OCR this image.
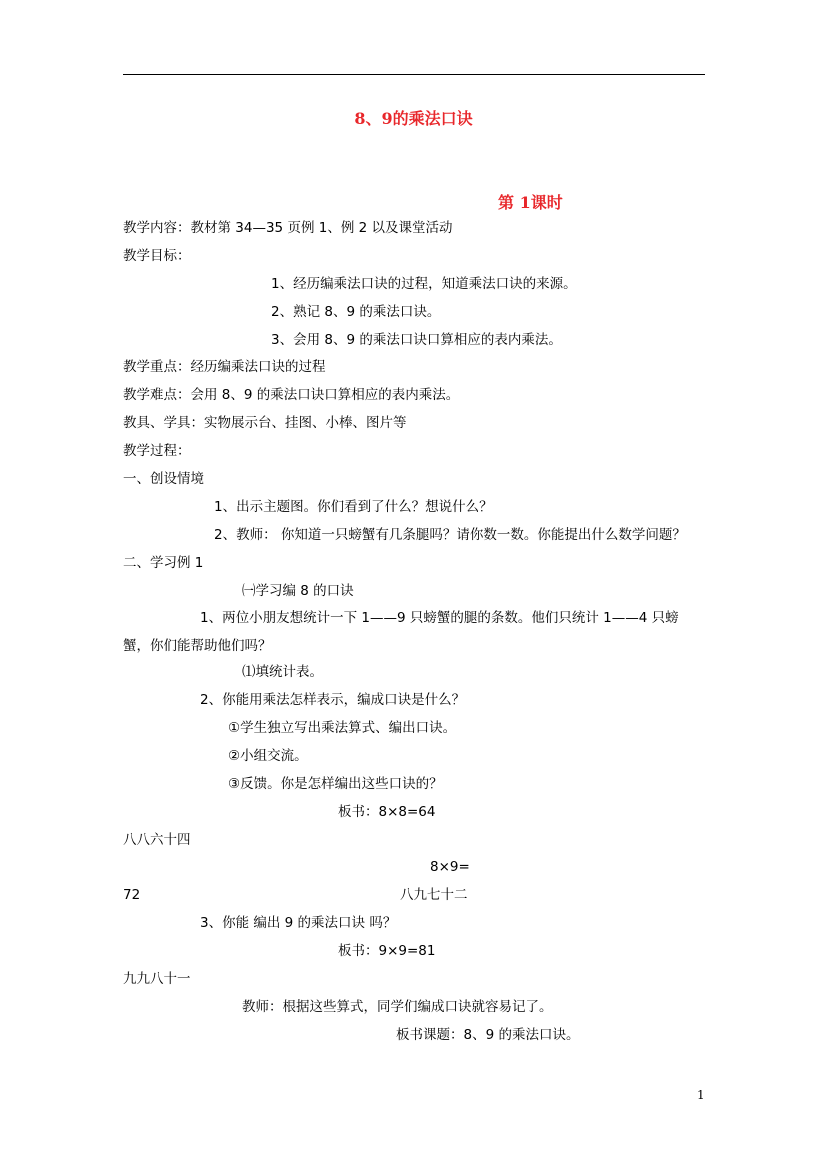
8、9的乘法口诀
第 1课时
教学内容：教材第 34—35 页例 1、例 2 以及课堂活动
教学目标：
1、经历编乘法口诀的过程，知道乘法口诀的来源。
2、熟记 8、9 的乘法口诀。
3、会用 8、9 的乘法口诀口算相应的表内乘法。
教学重点：经历编乘法口诀的过程
教学难点：会用 8、9 的乘法口诀口算相应的表内乘法。
教具、学具：实物展示台、挂图、小棒、图片等
教学过程：
一、创设情境
1、出示主题图。你们看到了什么？想说什么？
2、教师： 你知道一只螃蟹有几条腿吗？请你数一数。你能提出什么数学问题？
二、学习例 1
㈠学习编 8 的口诀
1、两位小朋友想统计一下 1——9 只螃蟹的腿的条数。他们只统计 1——4 只螃
蟹，你们能帮助他们吗？
⑴填统计表。
2、你能用乘法怎样表示，编成口诀是什么？
①学生独立写出乘法算式、编出口诀。
②小组交流。
③反馈。你是怎样编出这些口诀的？
板书：8×8=64
八八六十四
8×9=
72	八九七十二
3、你能 编出 9 的乘法口诀 吗？
板书：9×9=81
九九八十一
教师：根据这些算式，同学们编成口诀就容易记了。
板书课题：8、9 的乘法口诀。
1
